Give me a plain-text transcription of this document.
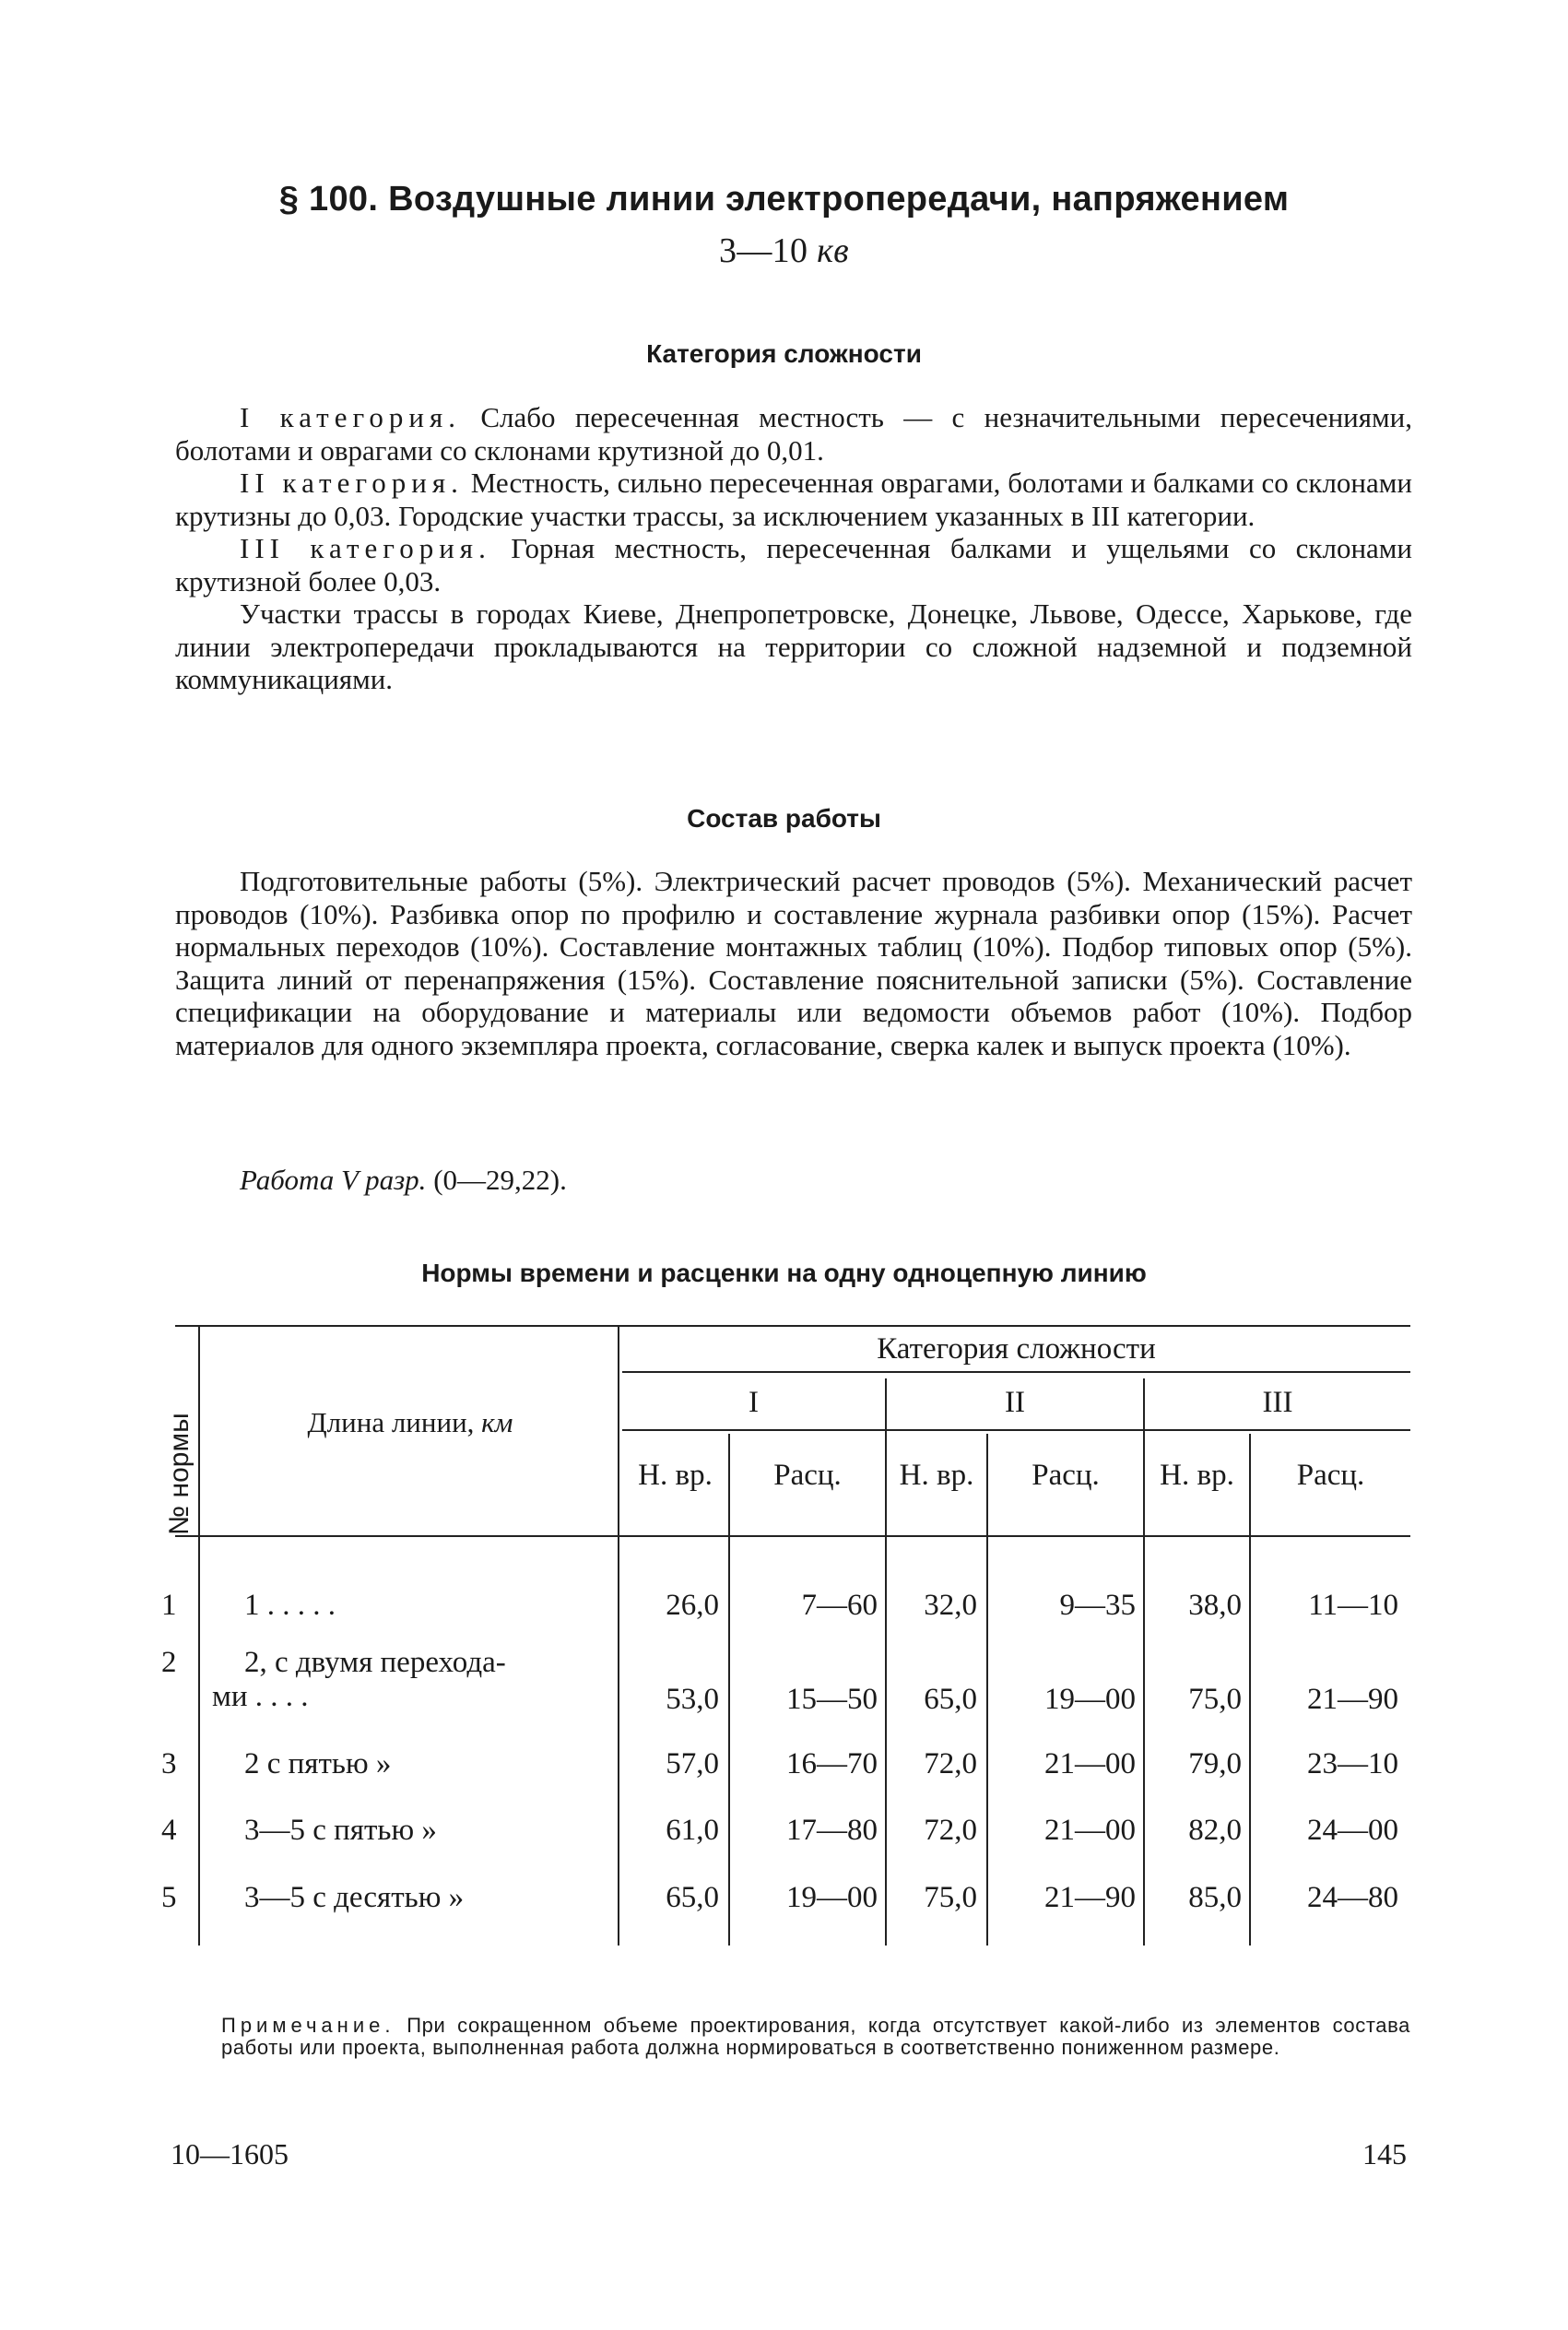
§ 100. Воздушные линии электропередачи, напряжением
3—10 кв
Категория сложности

I категория. Слабо пересеченная местность — с незначительными пересечениями, болотами и оврагами со склонами крутизной до 0,01.

II категория. Местность, сильно пересеченная оврагами, болотами и балками со склонами крутизны до 0,03. Городские участки трассы, за исключением указанных в III категории.

III категория. Горная местность, пересеченная балками и ущельями со склонами крутизной более 0,03.

Участки трассы в городах Киеве, Днепропетровске, Донецке, Львове, Одессе, Харькове, где линии электропередачи прокладываются на территории со сложной надземной и подземной коммуникациями.

Состав работы

Подготовительные работы (5%). Электрический расчет проводов (5%). Механический расчет проводов (10%). Разбивка опор по профилю и составление журнала разбивки опор (15%). Расчет нормальных переходов (10%). Составление монтажных таблиц (10%). Подбор типовых опор (5%). Защита линий от перенапряжения (15%). Составление пояснительной записки (5%). Составление спецификации на оборудование и материалы или ведомости объемов работ (10%). Подбор материалов для одного экземпляра проекта, согласование, сверка калек и выпуск проекта (10%).

Работа V разр. (0—29,22).
Нормы времени и расценки на одну одноцепную линию
№ нормы	Длина линии, км
Категория сложности
I	II	III
Н. вр.	Расц.	Н. вр.	Расц.	Н. вр.	Расц.
1 1 . . . . .	26,0	7—60	32,0	9—35	38,0	11—10
2 2, с двумя перехода-
ми . . . .	53,0	15—50	65,0	19—00	75,0	21—90
3 2 с пятью »	57,0	16—70	72,0	21—00	79,0	23—10
4 3—5 с пятью »	61,0	17—80	72,0	21—00	82,0	24—00
5 3—5 с десятью »	65,0	19—00	75,0	21—90	85,0	24—80
Примечание. При сокращенном объеме проектирования, когда отсутствует какой-либо из элементов состава работы или проекта, выполненная работа должна нормироваться в соответственно пониженном размере.
10—1605	145
